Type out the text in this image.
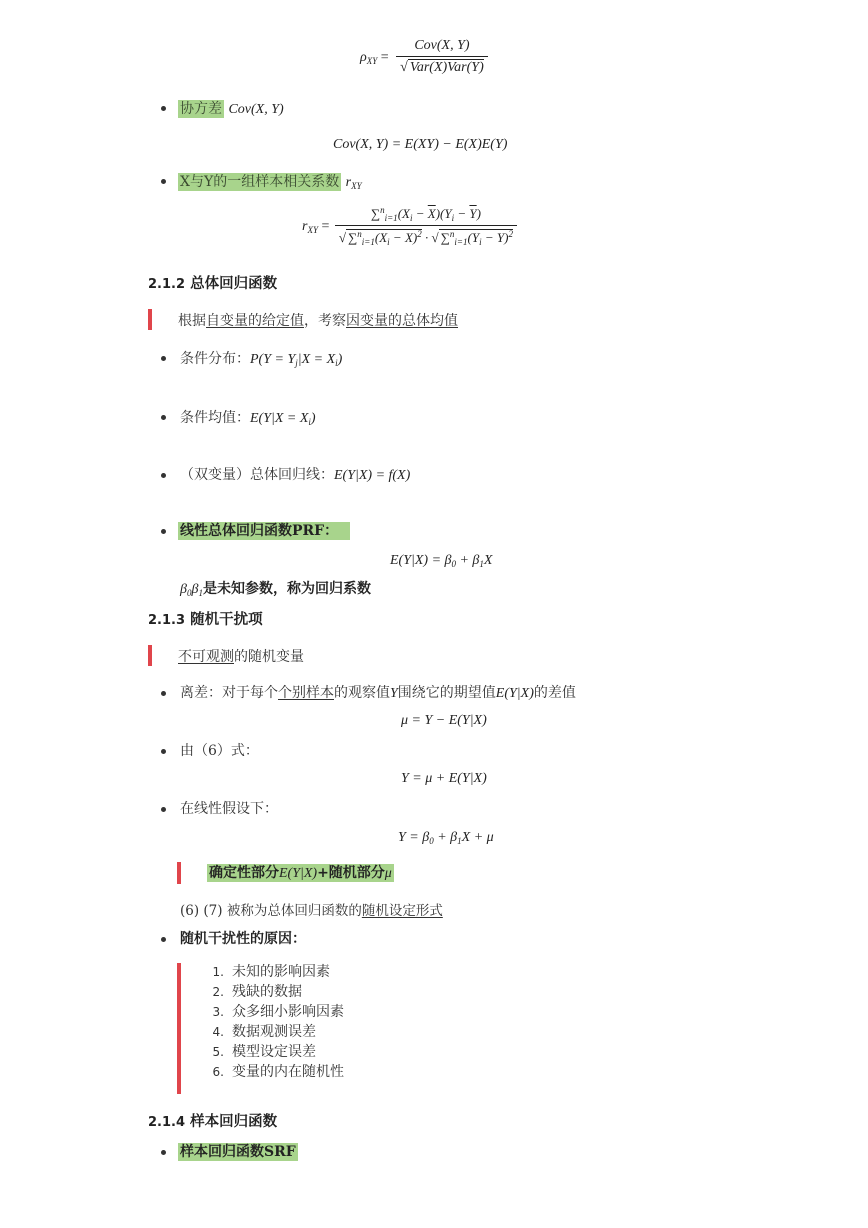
$\rho_{XY} = \frac{\text{Cov(X, Y)}}{\text{√ Var(X)Var(Y)}}$
协方差 Cov(X, Y)
Cov(X, Y) = E(XY) − E(X)E(Y)
X与Y的一组样本相关系数 $r_{XY}$
$r_{XY} = \frac{\sum^n_{i=1}(X_i - \overline{X})(Y_i - \overline{Y})}{√ \sum^n_{i=1}(X_i - \overline{X})^2 \cdot √ \sum^n_{i=1}(Y_i - \overline{Y})^2}$
2.1.2 总体回归函数
根据自变量的给定值，考察因变量的总体均值
条件分布：$P(Y = Y_j|X = X_i)$
条件均值：$E(Y|X = X_i)$
（双变量）总体回归线：E(Y|X) = f(X)
线性总体回归函数PRF：
$E(Y|X) = \beta_0 + \beta_1X$
$\beta_0\beta_1$是未知参数，称为回归系数
2.1.3 随机干扰项
不可观测的随机变量
离差：对于每个个别样本的观察值Y围绕它的期望值E(Y|X)的差值
μ = Y − E(Y|X)
由（6）式：
Y = μ + E(Y|X)
在线性假设下：
$Y = \beta_0 + \beta_1X + \mu$
确定性部分E(Y|X)+随机部分μ
(6) (7) 被称为总体回归函数的随机设定形式
随机干扰性的原因：
1. 未知的影响因素
2. 残缺的数据
3. 众多细小影响因素
4. 数据观测误差
5. 模型设定误差
6. 变量的内在随机性
2.1.4 样本回归函数
样本回归函数SRF
